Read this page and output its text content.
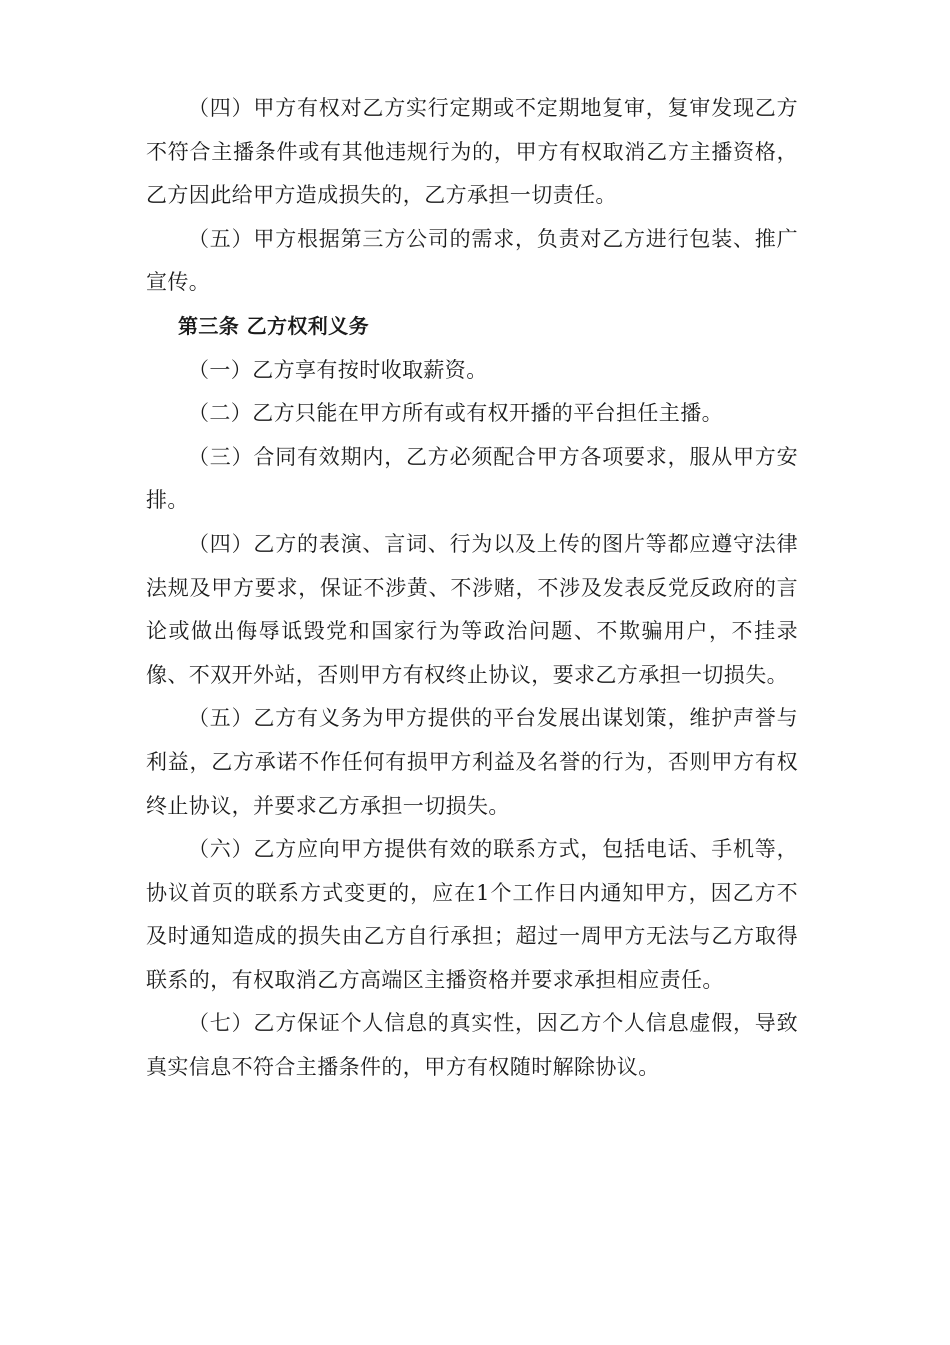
（四）甲方有权对乙方实行定期或不定期地复审，复审发现乙方不符合主播条件或有其他违规行为的，甲方有权取消乙方主播资格，乙方因此给甲方造成损失的，乙方承担一切责任。

（五）甲方根据第三方公司的需求，负责对乙方进行包装、推广宣传。

第三条 乙方权利义务

（一）乙方享有按时收取薪资。

（二）乙方只能在甲方所有或有权开播的平台担任主播。

（三）合同有效期内，乙方必须配合甲方各项要求，服从甲方安排。

（四）乙方的表演、言词、行为以及上传的图片等都应遵守法律法规及甲方要求，保证不涉黄、不涉赌，不涉及发表反党反政府的言论或做出侮辱诋毁党和国家行为等政治问题、不欺骗用户，不挂录像、不双开外站，否则甲方有权终止协议，要求乙方承担一切损失。

（五）乙方有义务为甲方提供的平台发展出谋划策，维护声誉与利益，乙方承诺不作任何有损甲方利益及名誉的行为，否则甲方有权终止协议，并要求乙方承担一切损失。

（六）乙方应向甲方提供有效的联系方式，包括电话、手机等，协议首页的联系方式变更的，应在1个工作日内通知甲方，因乙方不及时通知造成的损失由乙方自行承担；超过一周甲方无法与乙方取得联系的，有权取消乙方高端区主播资格并要求承担相应责任。

（七）乙方保证个人信息的真实性，因乙方个人信息虚假，导致真实信息不符合主播条件的，甲方有权随时解除协议。
